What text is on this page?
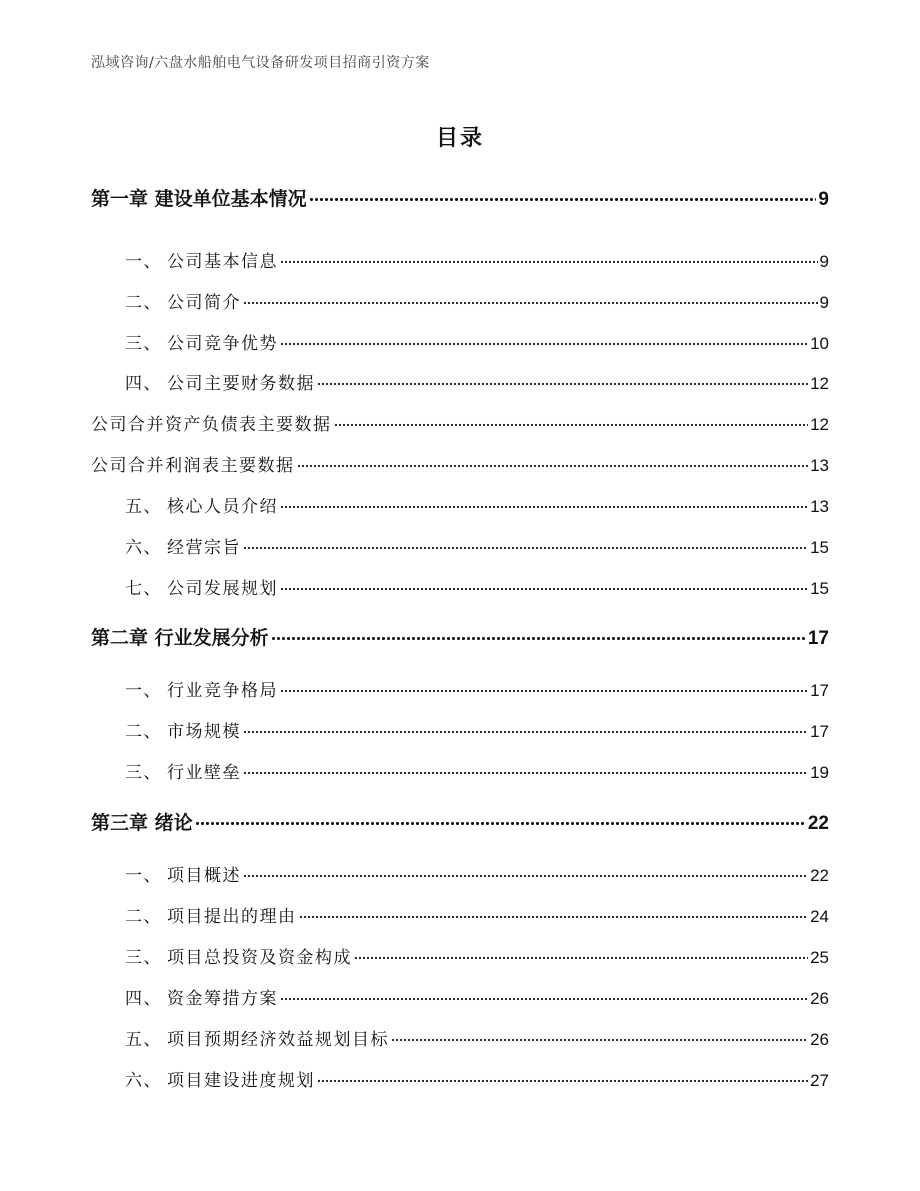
泓域咨询/六盘水船舶电气设备研发项目招商引资方案
目录
第一章 建设单位基本情况	9
一、 公司基本信息	9
二、 公司简介	9
三、 公司竞争优势	10
四、 公司主要财务数据	12
公司合并资产负债表主要数据	12
公司合并利润表主要数据	13
五、 核心人员介绍	13
六、 经营宗旨	15
七、 公司发展规划	15
第二章 行业发展分析	17
一、 行业竞争格局	17
二、 市场规模	17
三、 行业壁垒	19
第三章 绪论	22
一、 项目概述	22
二、 项目提出的理由	24
三、 项目总投资及资金构成	25
四、 资金筹措方案	26
五、 项目预期经济效益规划目标	26
六、 项目建设进度规划	27
